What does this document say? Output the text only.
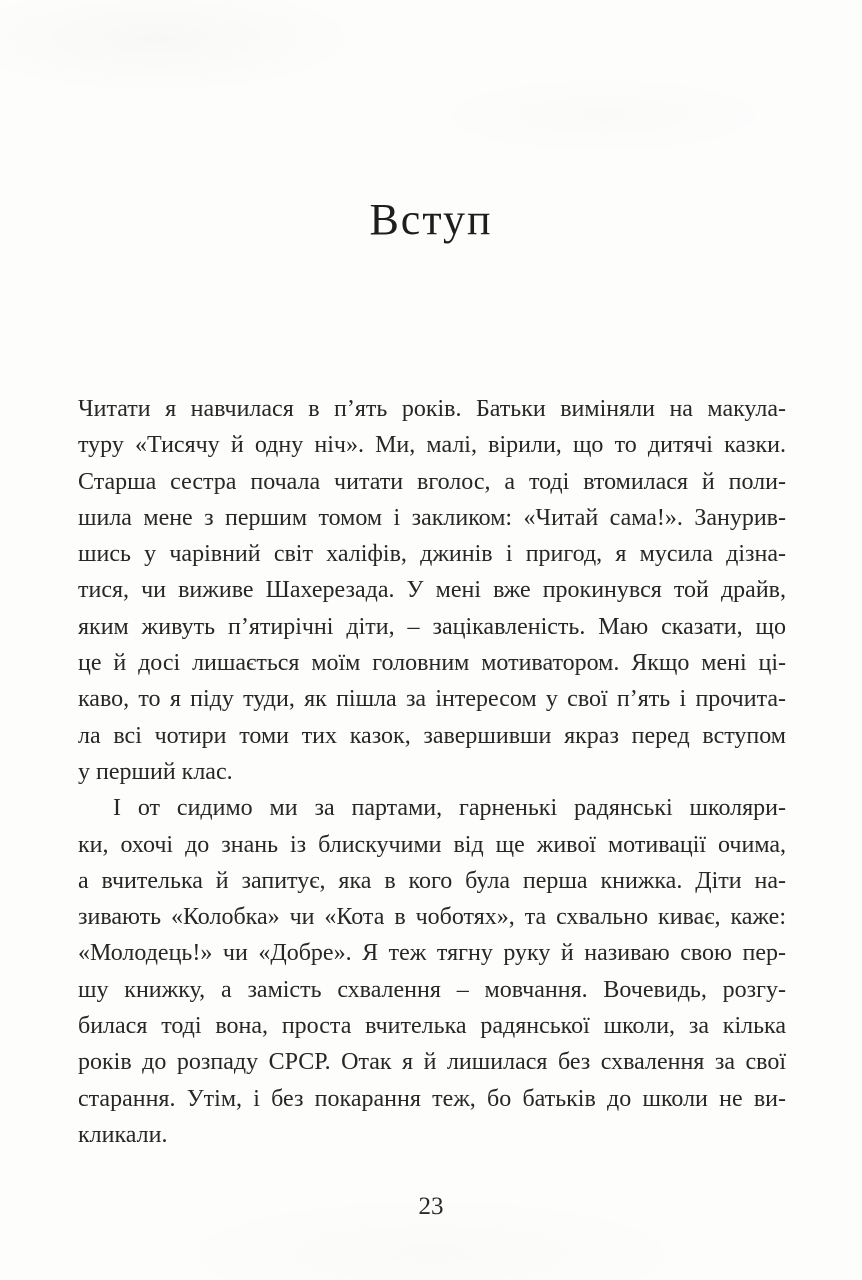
Вступ
Читати я навчилася в п’ять років. Батьки виміняли на макула-
туру «Тисячу й одну ніч». Ми, малі, вірили, що то дитячі казки.
Старша сестра почала читати вголос, а тоді втомилася й поли-
шила мене з першим томом і закликом: «Читай сама!». Занурив-
шись у чарівний світ халіфів, джинів і пригод, я мусила дізна-
тися, чи виживе Шахерезада. У мені вже прокинувся той драйв,
яким живуть п’ятирічні діти, – зацікавленість. Маю сказати, що
це й досі лишається моїм головним мотиватором. Якщо мені ці-
каво, то я піду туди, як пішла за інтересом у свої п’ять і прочита-
ла всі чотири томи тих казок, завершивши якраз перед вступом
у перший клас.
І от сидимо ми за партами, гарненькі радянські школяри-
ки, охочі до знань із блискучими від ще живої мотивації очима,
а вчителька й запитує, яка в кого була перша книжка. Діти на-
зивають «Колобка» чи «Кота в чоботях», та схвально киває, каже:
«Молодець!» чи «Добре». Я теж тягну руку й називаю свою пер-
шу книжку, а замість схвалення – мовчання. Вочевидь, розгу-
билася тоді вона, проста вчителька радянської школи, за кілька
років до розпаду СРСР. Отак я й лишилася без схвалення за свої
старання. Утім, і без покарання теж, бо батьків до школи не ви-
кликали.
23
